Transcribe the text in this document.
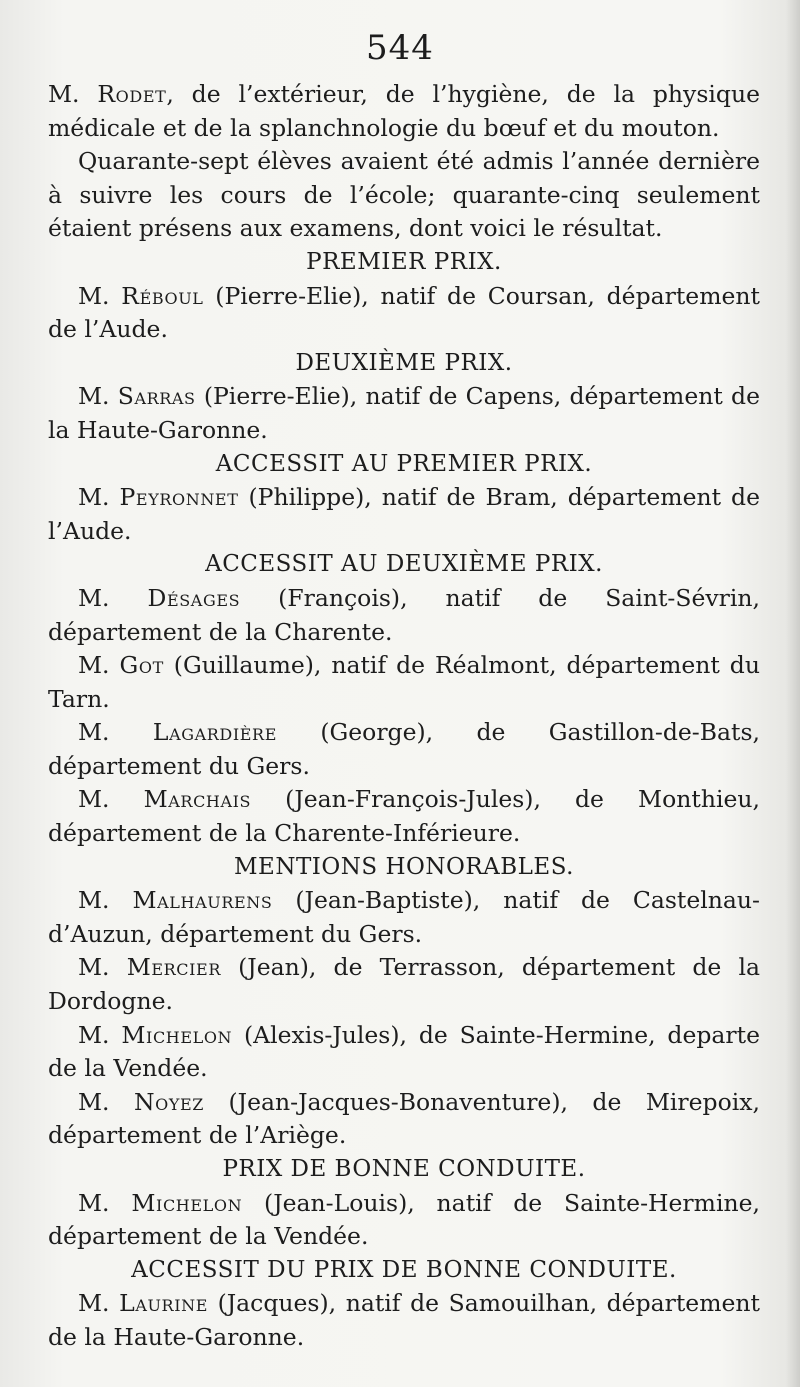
544

M. Rodet, de l’extérieur, de l’hygiène, de la physique médicale et de la splanchnologie du bœuf et du mouton.

Quarante-sept élèves avaient été admis l’année dernière à suivre les cours de l’école; quarante-cinq seulement étaient présens aux examens, dont voici le résultat.

PREMIER PRIX.

M. Réboul (Pierre-Elie), natif de Coursan, département de l’Aude.

DEUXIÈME PRIX.

M. Sarras (Pierre-Elie), natif de Capens, département de la Haute-Garonne.

ACCESSIT AU PREMIER PRIX.

M. Peyronnet (Philippe), natif de Bram, département de l’Aude.

ACCESSIT AU DEUXIÈME PRIX.

M. Désages (François), natif de Saint-Sévrin, département de la Charente.

M. Got (Guillaume), natif de Réalmont, département du Tarn.

M. Lagardière (George), de Gastillon-de-Bats, département du Gers.

M. Marchais (Jean-François-Jules), de Monthieu, département de la Charente-Inférieure.

MENTIONS HONORABLES.

M. Malhaurens (Jean-Baptiste), natif de Castelnau-d’Auzun, département du Gers.

M. Mercier (Jean), de Terrasson, département de la Dordogne.

M. Michelon (Alexis-Jules), de Sainte-Hermine, departe de la Vendée.

M. Noyez (Jean-Jacques-Bonaventure), de Mirepoix, département de l’Ariège.

PRIX DE BONNE CONDUITE.

M. Michelon (Jean-Louis), natif de Sainte-Hermine, département de la Vendée.

ACCESSIT DU PRIX DE BONNE CONDUITE.

M. Laurine (Jacques), natif de Samouilhan, département de la Haute-Garonne.
